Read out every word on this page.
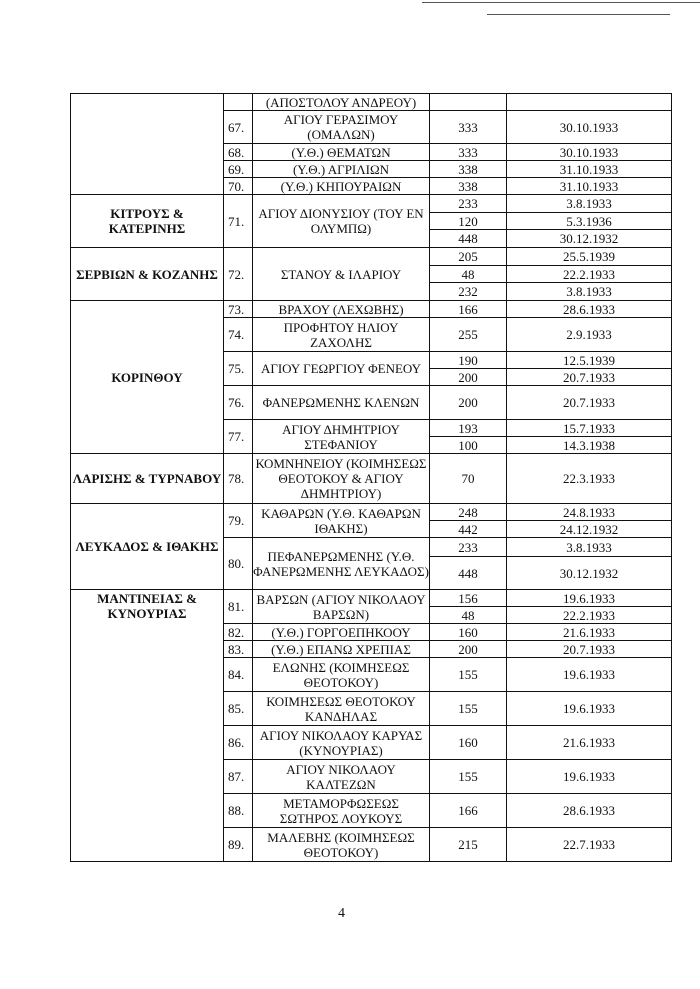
		(ΑΠΟΣΤΟΛΟΥ ΑΝΔΡΕΟΥ)		
	67.	ΑΓΙΟΥ ΓΕΡΑΣΙΜΟΥ (ΟΜΑΛΩΝ)	333	30.10.1933
	68.	(Υ.Θ.) ΘΕΜΑΤΩΝ	333	30.10.1933
	69.	(Υ.Θ.) ΑΓΡΙΛΙΩΝ	338	31.10.1933
	70.	(Υ.Θ.) ΚΗΠΟΥΡΑΙΩΝ	338	31.10.1933
ΚΙΤΡΟΥΣ & ΚΑΤΕΡΙΝΗΣ	71.	ΑΓΙΟΥ ΔΙΟΝΥΣΙΟΥ (ΤΟΥ ΕΝ ΟΛΥΜΠΩ)	233	3.8.1933
			120	5.3.1936
			448	30.12.1932
ΣΕΡΒΙΩΝ & ΚΟΖΑΝΗΣ	72.	ΣΤΑΝΟΥ & ΙΛΑΡΙΟΥ	205	25.5.1939
			48	22.2.1933
			232	3.8.1933
ΚΟΡΙΝΘΟΥ	73.	ΒΡΑΧΟΥ (ΛΕΧΩΒΗΣ)	166	28.6.1933
	74.	ΠΡΟΦΗΤΟΥ ΗΛΙΟΥ ΖΑΧΟΛΗΣ	255	2.9.1933
	75.	ΑΓΙΟΥ ΓΕΩΡΓΙΟΥ ΦΕΝΕΟΥ	190	12.5.1939
			200	20.7.1933
	76.	ΦΑΝΕΡΩΜΕΝΗΣ ΚΛΕΝΩΝ	200	20.7.1933
	77.	ΑΓΙΟΥ ΔΗΜΗΤΡΙΟΥ ΣΤΕΦΑΝΙΟΥ	193	15.7.1933
			100	14.3.1938
ΛΑΡΙΣΗΣ & ΤΥΡΝΑΒΟΥ	78.	ΚΟΜΝΗΝΕΙΟΥ (ΚΟΙΜΗΣΕΩΣ ΘΕΟΤΟΚΟΥ & ΑΓΙΟΥ ΔΗΜΗΤΡΙΟΥ)	70	22.3.1933
ΛΕΥΚΑΔΟΣ & ΙΘΑΚΗΣ	79.	ΚΑΘΑΡΩΝ (Υ.Θ. ΚΑΘΑΡΩΝ ΙΘΑΚΗΣ)	248	24.8.1933
			442	24.12.1932
	80.	ΠΕΦΑΝΕΡΩΜΕΝΗΣ (Υ.Θ. ΦΑΝΕΡΩΜΕΝΗΣ ΛΕΥΚΑΔΟΣ)	233	3.8.1933
			448	30.12.1932
ΜΑΝΤΙΝΕΙΑΣ & ΚΥΝΟΥΡΙΑΣ	81.	ΒΑΡΣΩΝ (ΑΓΙΟΥ ΝΙΚΟΛΑΟΥ ΒΑΡΣΩΝ)	156	19.6.1933
			48	22.2.1933
	82.	(Υ.Θ.) ΓΟΡΓΟΕΠΗΚΟΟΥ	160	21.6.1933
	83.	(Υ.Θ.) ΕΠΑΝΩ ΧΡΕΠΙΑΣ	200	20.7.1933
	84.	ΕΛΩΝΗΣ (ΚΟΙΜΗΣΕΩΣ ΘΕΟΤΟΚΟΥ)	155	19.6.1933
	85.	ΚΟΙΜΗΣΕΩΣ ΘΕΟΤΟΚΟΥ ΚΑΝΔΗΛΑΣ	155	19.6.1933
	86.	ΑΓΙΟΥ ΝΙΚΟΛΑΟΥ ΚΑΡΥΑΣ (ΚΥΝΟΥΡΙΑΣ)	160	21.6.1933
	87.	ΑΓΙΟΥ ΝΙΚΟΛΑΟΥ ΚΑΛΤΕΖΩΝ	155	19.6.1933
	88.	ΜΕΤΑΜΟΡΦΩΣΕΩΣ ΣΩΤΗΡΟΣ ΛΟΥΚΟΥΣ	166	28.6.1933
	89.	ΜΑΛΕΒΗΣ (ΚΟΙΜΗΣΕΩΣ ΘΕΟΤΟΚΟΥ)	215	22.7.1933
4
